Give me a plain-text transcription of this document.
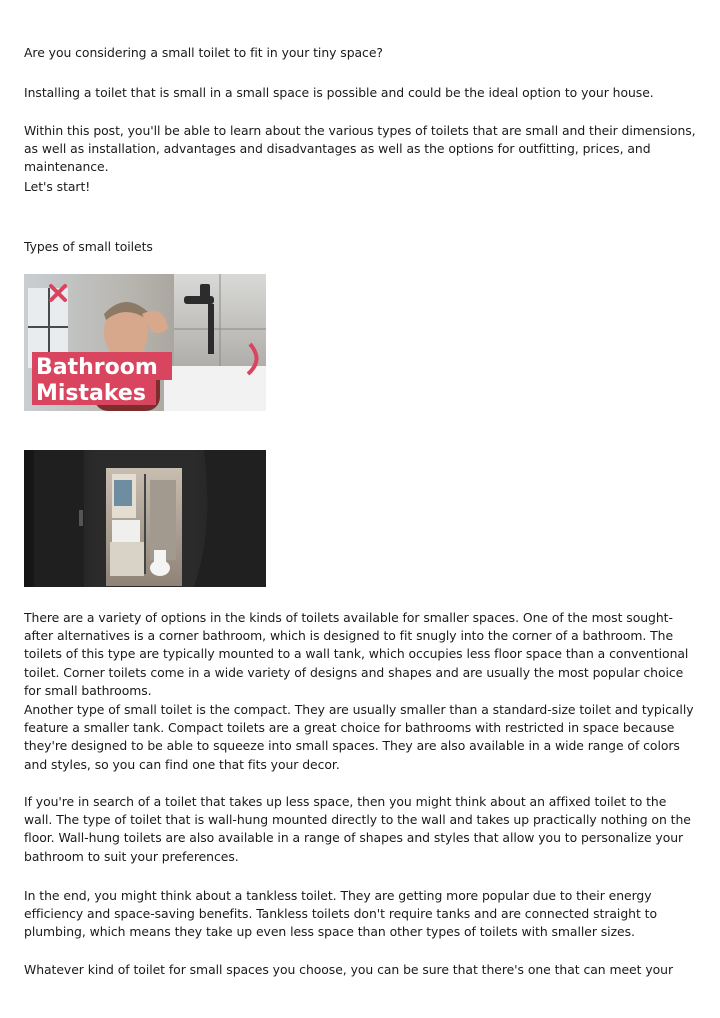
Are you considering a small toilet to fit in your tiny space?

Installing a toilet that is small in a small space is possible and could be the ideal option to your house.

Within this post, you'll be able to learn about the various types of toilets that are small and their dimensions, as well as installation, advantages and disadvantages as well as the options for outfitting, prices, and maintenance.

Let's start!

Types of small toilets

Bathroom
Mistakes

There are a variety of options in the kinds of toilets available for smaller spaces. One of the most sought-after alternatives is a corner bathroom, which is designed to fit snugly into the corner of a bathroom. The toilets of this type are typically mounted to a wall tank, which occupies less floor space than a conventional toilet. Corner toilets come in a wide variety of designs and shapes and are usually the most popular choice for small bathrooms.

Another type of small toilet is the compact. They are usually smaller than a standard-size toilet and typically feature a smaller tank. Compact toilets are a great choice for bathrooms with restricted in space because they're designed to be able to squeeze into small spaces. They are also available in a wide range of colors and styles, so you can find one that fits your decor.

If you're in search of a toilet that takes up less space, then you might think about an affixed toilet to the wall. The type of toilet that is wall-hung mounted directly to the wall and takes up practically nothing on the floor. Wall-hung toilets are also available in a range of shapes and styles that allow you to personalize your bathroom to suit your preferences.

In the end, you might think about a tankless toilet. They are getting more popular due to their energy efficiency and space-saving benefits. Tankless toilets don't require tanks and are connected straight to plumbing, which means they take up even less space than other types of toilets with smaller sizes.

Whatever kind of toilet for small spaces you choose, you can be sure that there's one that can meet your
